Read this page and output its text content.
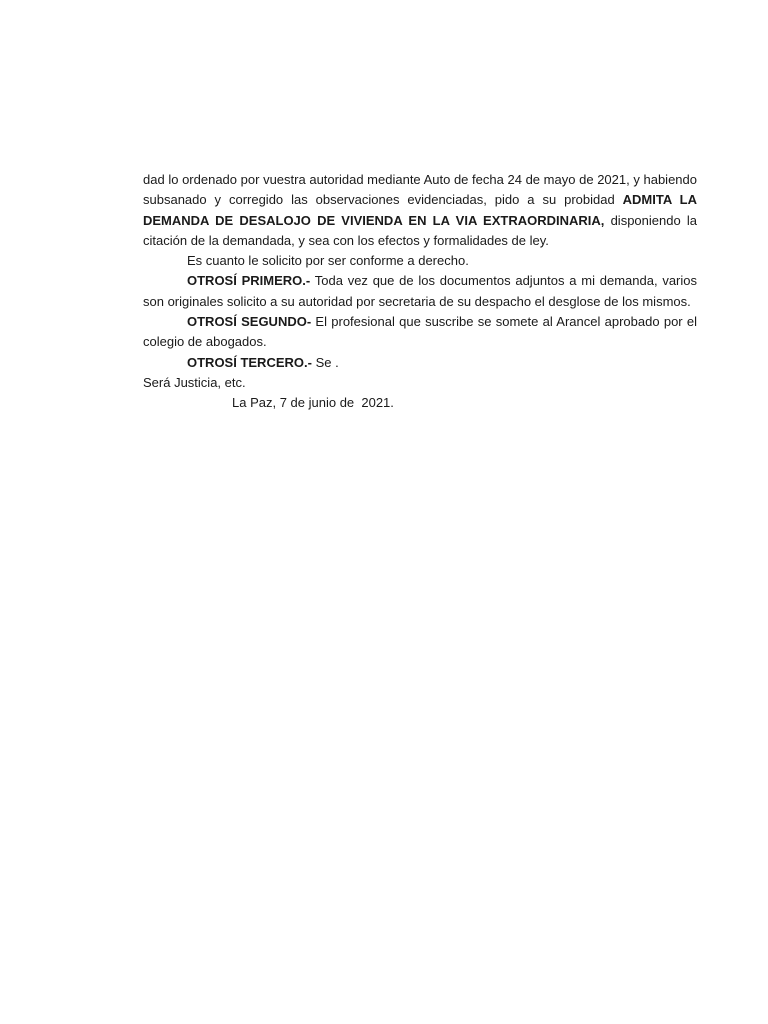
dad lo ordenado por vuestra autoridad mediante Auto de fecha 24 de mayo de 2021, y habiendo subsanado y corregido las observaciones evidenciadas, pido a su probidad ADMITA LA DEMANDA DE DESALOJO DE VIVIENDA EN LA VIA EXTRAORDINARIA, disponiendo la citación de la demandada, y sea con los efectos y formalidades de ley.

Es cuanto le solicito por ser conforme a derecho.

OTROSÍ PRIMERO.- Toda vez que de los documentos adjuntos a mi demanda, varios son originales solicito a su autoridad por secretaria de su despacho el desglose de los mismos.

OTROSÍ SEGUNDO- El profesional que suscribe se somete al Arancel aprobado por el colegio de abogados.

OTROSÍ TERCERO.- Se .

Será Justicia, etc.

La Paz, 7 de junio de  2021.
